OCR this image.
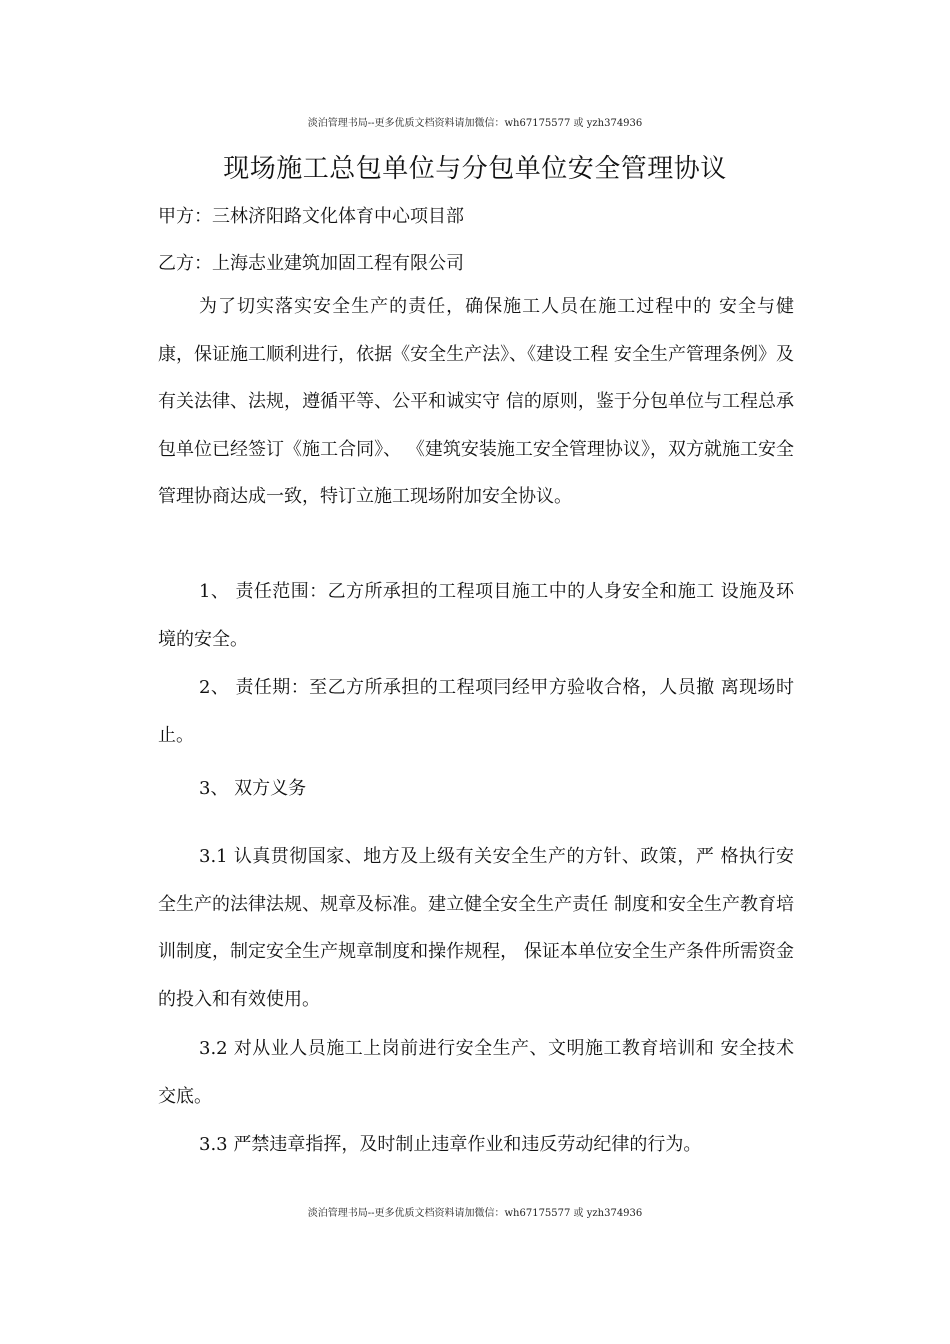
淡泊管理书局--更多优质文档资料请加微信：wh67175577 或 yzh374936
现场施工总包单位与分包单位安全管理协议
甲方：三林济阳路文化体育中心项目部
乙方：上海志业建筑加固工程有限公司
为了切实落实安全生产的责任，确保施工人员在施工过程中的 安全与健康，保证施工顺利进行，依据《安全生产法》、《建设工程 安全生产管理条例》及有关法律、法规，遵循平等、公平和诚实守 信的原则，鉴于分包单位与工程总承包单位已经签订《施工合同》、 《建筑安装施工安全管理协议》，双方就施工安全管理协商达成一致，特订立施工现场附加安全协议。
1、 责任范围：乙方所承担的工程项目施工中的人身安全和施工 设施及环境的安全。
2、 责任期：至乙方所承担的工程项冃经甲方验收合格，人员撤 离现场时止。
3、 双方义务
3.1 认真贯彻国家、地方及上级有关安全生产的方针、政策，严 格执行安全生产的法律法规、规章及标准。建立健全安全生产责任 制度和安全生产教育培训制度，制定安全生产规章制度和操作规程， 保证本单位安全生产条件所需资金的投入和有效使用。
3.2 对从业人员施工上岗前进行安全生产、文明施工教育培训和 安全技术交底。
3.3 严禁违章指挥，及时制止违章作业和违反劳动纪律的行为。
淡泊管理书局--更多优质文档资料请加微信：wh67175577 或 yzh374936
